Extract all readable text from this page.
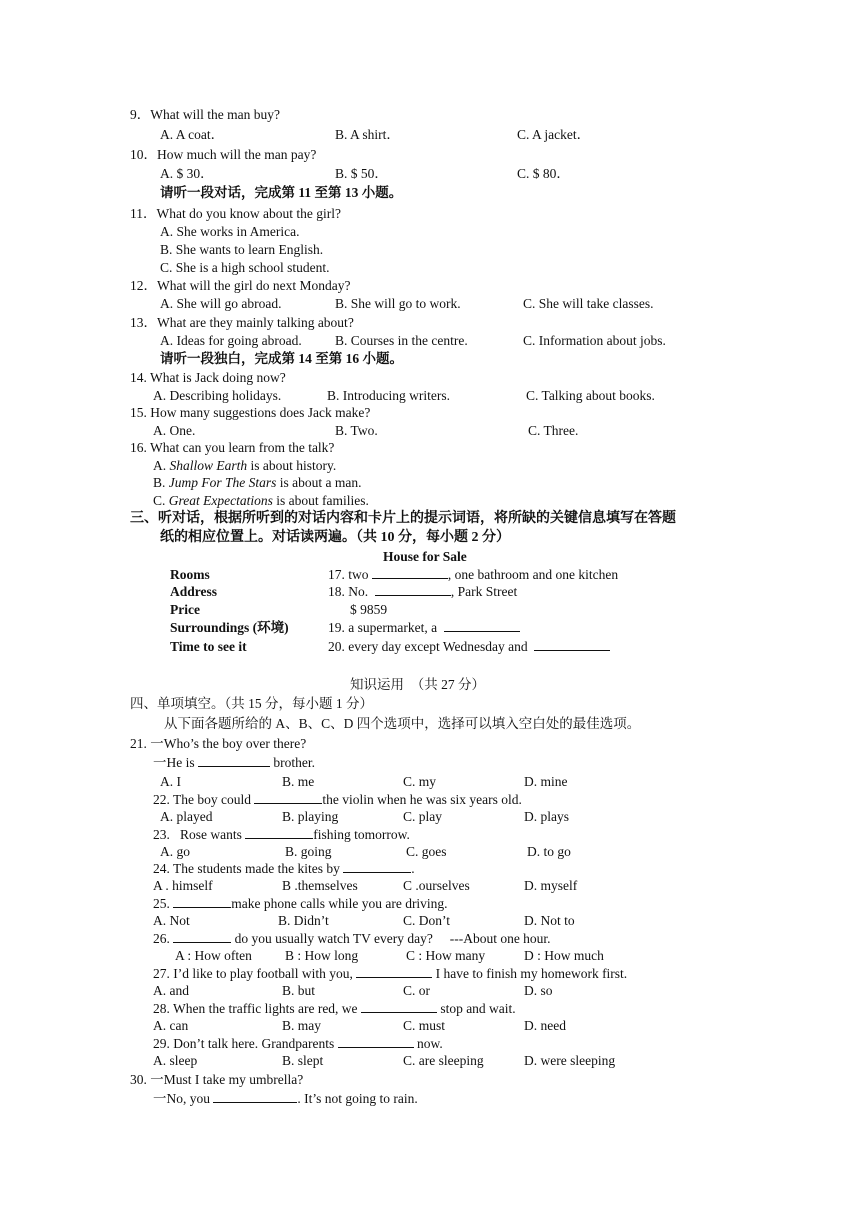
9．What will the man buy?
A. A coat．	B. A shirt．	C. A jacket．
10．How much will the man pay?
A. $ 30．	B. $ 50．	C. $ 80．
请听一段对话，完成第 11 至第 13 小题。
11．What do you know about the girl?
A. She works in America.
B. She wants to learn English.
C. She is a high school student.
12．What will the girl do next Monday?
A. She will go abroad.	B. She will go to work.	C. She will take classes.
13．What are they mainly talking about?
A. Ideas for going abroad. B. Courses in the centre.	C. Information about jobs.
请听一段独白，完成第 14 至第 16 小题。
14. What is Jack doing now?
A. Describing holidays.	B. Introducing writers.	C. Talking about books.
15. How many suggestions does Jack make?
A. One.	B. Two.	C. Three.
16. What can you learn from the talk?
A. Shallow Earth is about history.
B. Jump For The Stars is about a man.
C. Great Expectations is about families.
三、听对话，根据所听到的对话内容和卡片上的提示词语，将所缺的关键信息填写在答题
纸的相应位置上。对话读两遍。（共 10 分，每小题 2 分）
House for Sale
Rooms	17. two	, one bathroom and one kitchen
Address	18. No.	, Park Street
Price	$ 9859
Surroundings (环境)	19. a supermarket, a
Time to see it	20. every day except Wednesday and
知识运用　（共 27 分）
四、单项填空。（共 15 分，每小题 1 分）
从下面各题所给的 A、B、C、D 四个选项中，选择可以填入空白处的最佳选项。
21. 一Who’s the boy over there?
一He is	brother.
A. I	B. me	C. my	D. mine
22. The boy could	the violin when he was six years old.
A. played	B. playing	C. play	D. plays
23.   Rose wants	fishing tomorrow.
A. go	B. going	C. goes	D. to go
24. The students made the kites by	.
A . himself	B .themselves	C .ourselves	D. myself
25.	make phone calls while you are driving.
A. Not	B. Didn’t	C. Don’t	D. Not to
26.	do you usually watch TV every day?　 ---About one hour.
A : How often B : How long	C : How many	D : How much
27. I’d like to play football with you,	I have to finish my homework first.
A. and	B. but	C. or	D. so
28. When the traffic lights are red, we	stop and wait.
A. can	B. may	C. must	D. need
29. Don’t talk here. Grandparents	now.
A. sleep	B. slept	C. are sleeping	D. were sleeping
30. 一Must I take my umbrella?
一No, you	. It’s not going to rain.
